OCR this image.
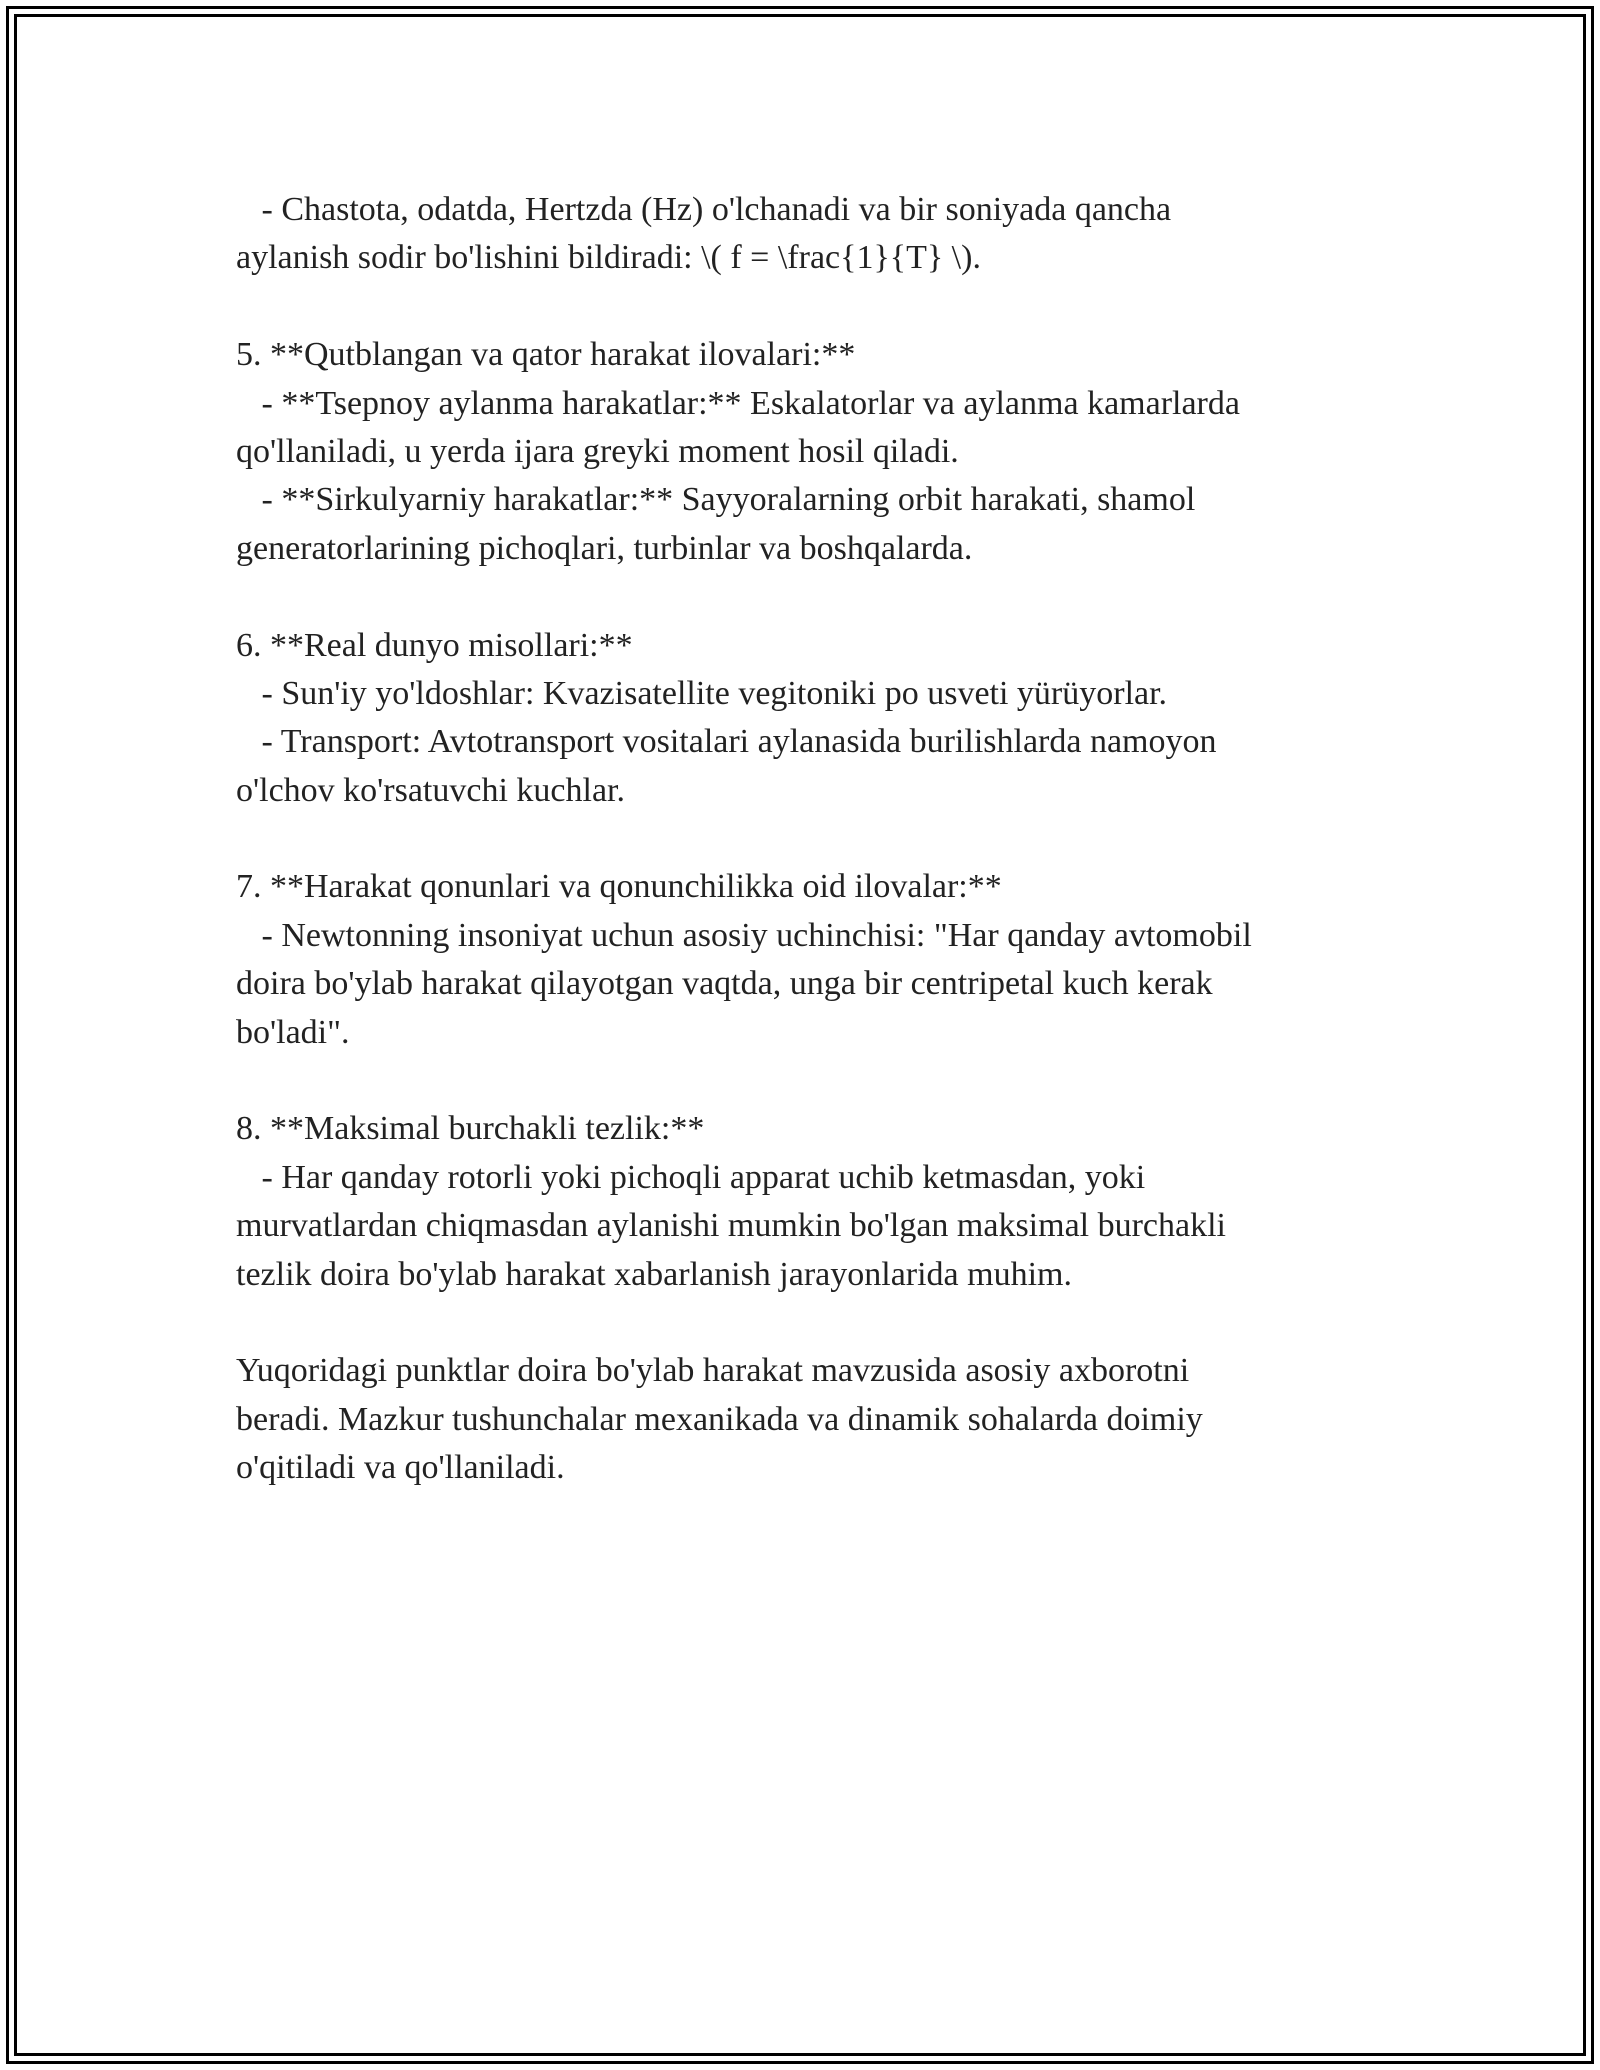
- Chastota, odatda, Hertzda (Hz) o'lchanadi va bir soniyada qancha
aylanish sodir bo'lishini bildiradi: \( f = \frac{1}{T} \).
5. **Qutblangan va qator harakat ilovalari:**
- **Tsepnoy aylanma harakatlar:** Eskalatorlar va aylanma kamarlarda
qo'llaniladi, u yerda ijara greyki moment hosil qiladi.
- **Sirkulyarniy harakatlar:** Sayyoralarning orbit harakati, shamol
generatorlarining pichoqlari, turbinlar va boshqalarda.
6. **Real dunyo misollari:**
- Sun'iy yo'ldoshlar: Kvazisatellite vegitoniki po usveti yürüyorlar.
- Transport: Avtotransport vositalari aylanasida burilishlarda namoyon
o'lchov ko'rsatuvchi kuchlar.
7. **Harakat qonunlari va qonunchilikka oid ilovalar:**
- Newtonning insoniyat uchun asosiy uchinchisi: "Har qanday avtomobil
doira bo'ylab harakat qilayotgan vaqtda, unga bir centripetal kuch kerak
bo'ladi".
8. **Maksimal burchakli tezlik:**
- Har qanday rotorli yoki pichoqli apparat uchib ketmasdan, yoki
murvatlardan chiqmasdan aylanishi mumkin bo'lgan maksimal burchakli
tezlik doira bo'ylab harakat xabarlanish jarayonlarida muhim.
Yuqoridagi punktlar doira bo'ylab harakat mavzusida asosiy axborotni
beradi. Mazkur tushunchalar mexanikada va dinamik sohalarda doimiy
o'qitiladi va qo'llaniladi.
